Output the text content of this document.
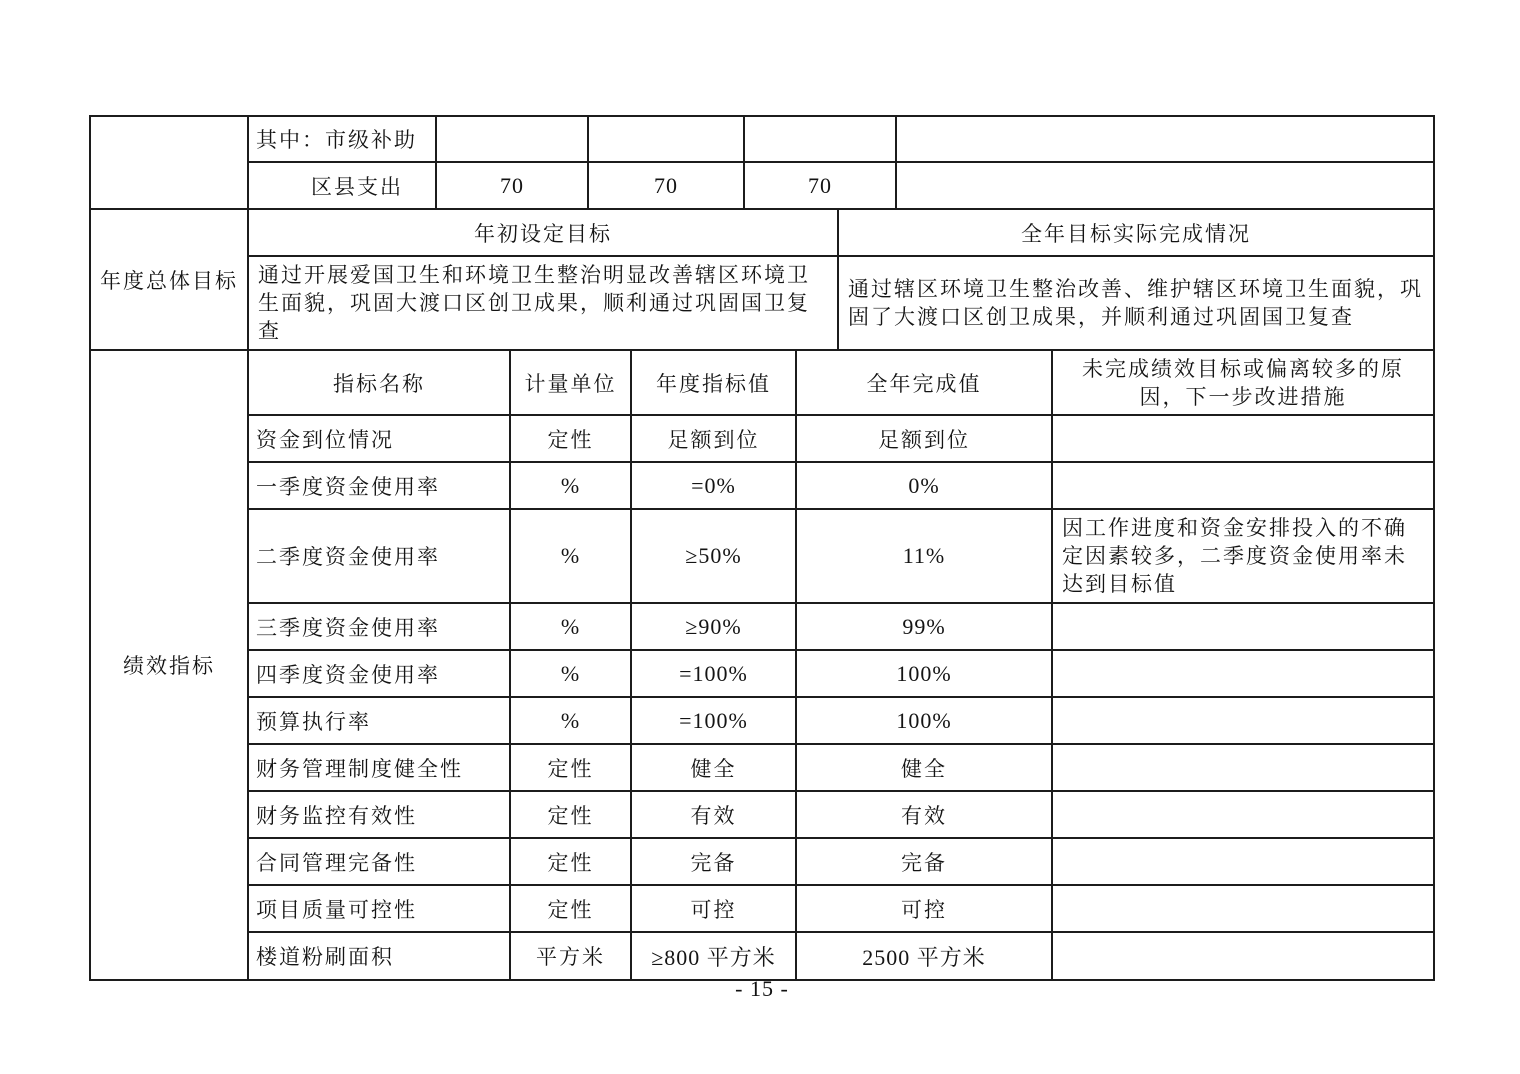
	其中：市级补助									
	区县支出	70		70		70				
年度总体目标	年初设定目标							全年目标实际完成情况		
	通过开展爱国卫生和环境卫生整治明显改善辖区环境卫生面貌，巩固大渡口区创卫成果，顺利通过巩固国卫复查							通过辖区环境卫生整治改善、维护辖区环境卫生面貌，巩固了大渡口区创卫成果，并顺利通过巩固国卫复查		
绩效指标	指标名称		计量单位		年度指标值		全年完成值			未完成绩效目标或偏离较多的原因，下一步改进措施
	资金到位情况		定性		足额到位		足额到位			
	一季度资金使用率		%		=0%		0%			
	二季度资金使用率		%		≥50%		11%			因工作进度和资金安排投入的不确定因素较多，二季度资金使用率未达到目标值
	三季度资金使用率		%		≥90%		99%			
	四季度资金使用率		%		=100%		100%			
	预算执行率		%		=100%		100%			
	财务管理制度健全性		定性		健全		健全			
	财务监控有效性		定性		有效		有效			
	合同管理完备性		定性		完备		完备			
	项目质量可控性		定性		可控		可控			
	楼道粉刷面积		平方米		≥800 平方米		2500 平方米			
- 15 -
